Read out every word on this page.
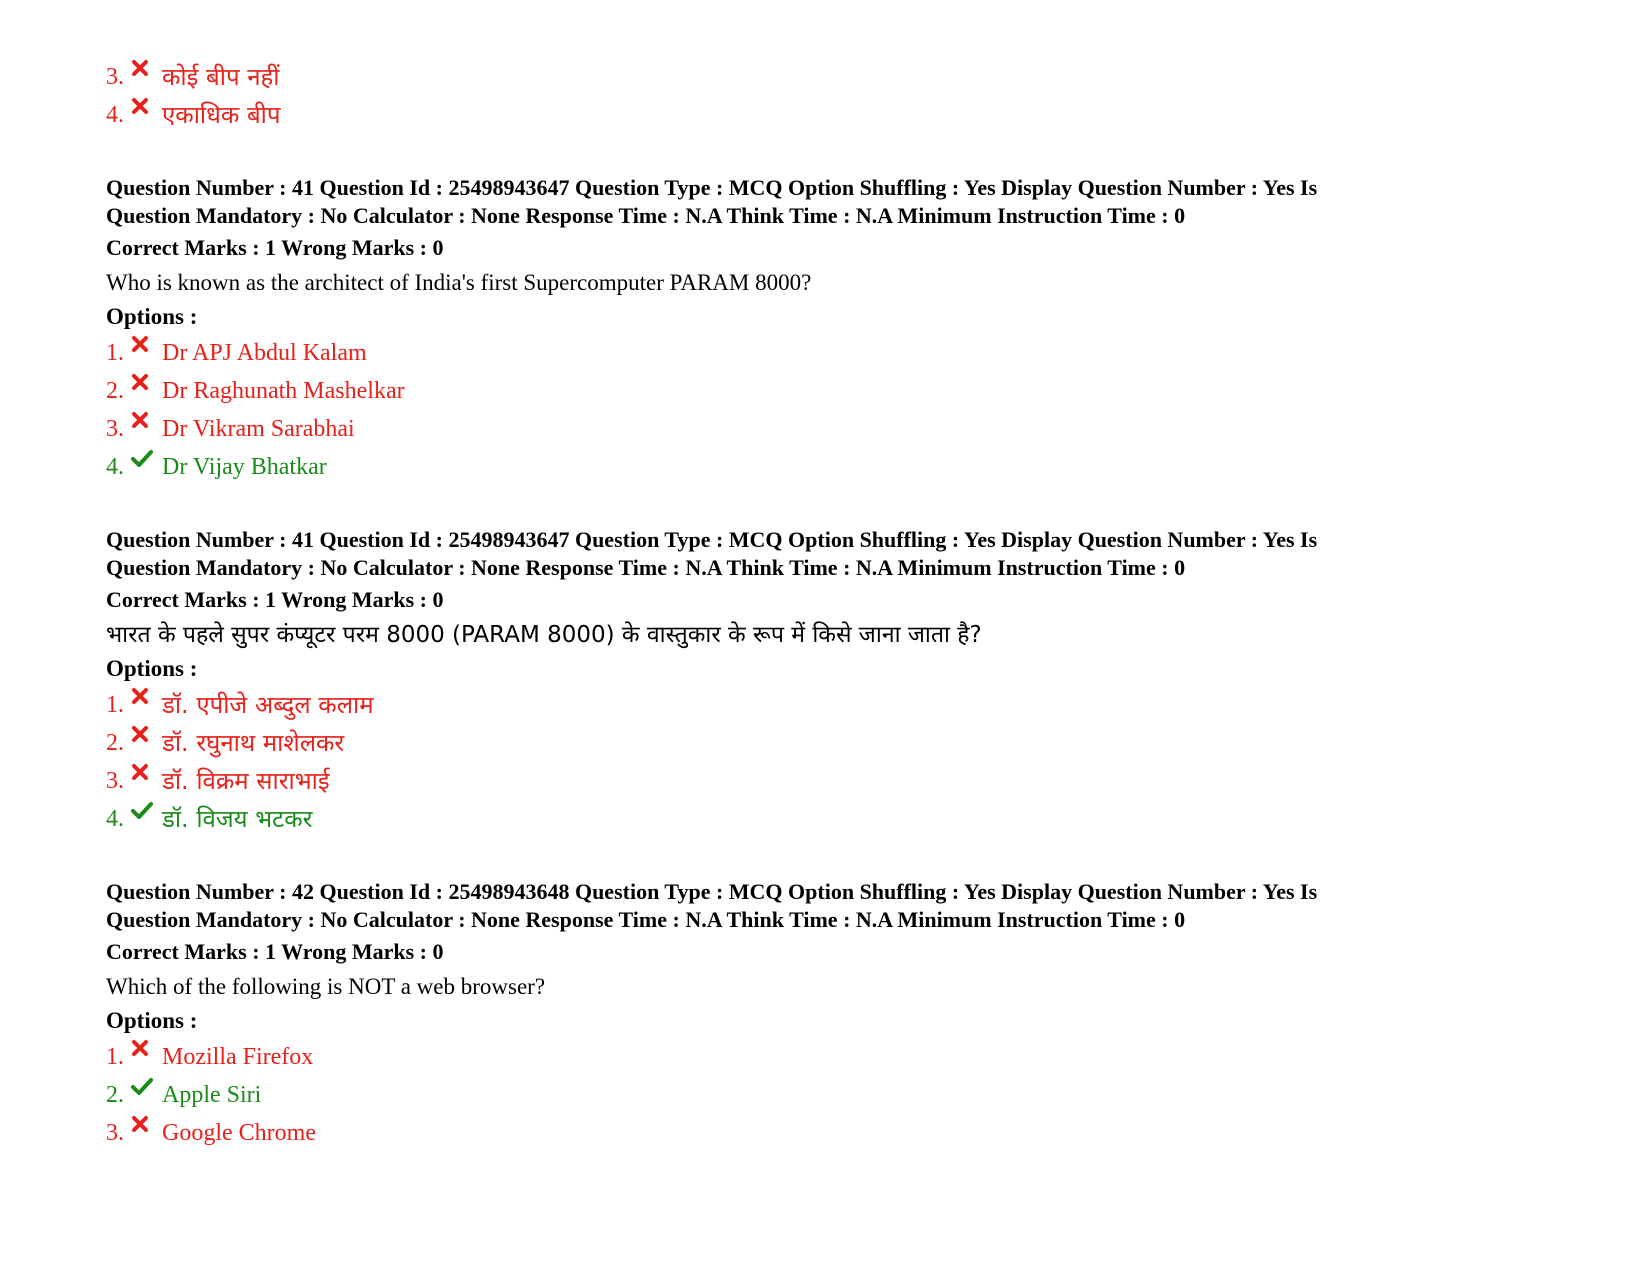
3. कोई बीप नहीं
4. एकाधिक बीप
Question Number : 41 Question Id : 25498943647 Question Type : MCQ Option Shuffling : Yes Display Question Number : Yes Is
Question Mandatory : No Calculator : None Response Time : N.A Think Time : N.A Minimum Instruction Time : 0
Correct Marks : 1 Wrong Marks : 0
Who is known as the architect of India's first Supercomputer PARAM 8000?
Options :
1. Dr APJ Abdul Kalam
2. Dr Raghunath Mashelkar
3. Dr Vikram Sarabhai
4. Dr Vijay Bhatkar
Question Number : 41 Question Id : 25498943647 Question Type : MCQ Option Shuffling : Yes Display Question Number : Yes Is
Question Mandatory : No Calculator : None Response Time : N.A Think Time : N.A Minimum Instruction Time : 0
Correct Marks : 1 Wrong Marks : 0
भारत के पहले सुपर कंप्यूटर परम 8000 (PARAM 8000) के वास्तुकार के रूप में किसे जाना जाता है?
Options :
1. डॉ. एपीजे अब्दुल कलाम
2. डॉ. रघुनाथ माशेलकर
3. डॉ. विक्रम साराभाई
4. डॉ. विजय भटकर
Question Number : 42 Question Id : 25498943648 Question Type : MCQ Option Shuffling : Yes Display Question Number : Yes Is
Question Mandatory : No Calculator : None Response Time : N.A Think Time : N.A Minimum Instruction Time : 0
Correct Marks : 1 Wrong Marks : 0
Which of the following is NOT a web browser?
Options :
1. Mozilla Firefox
2. Apple Siri
3. Google Chrome
